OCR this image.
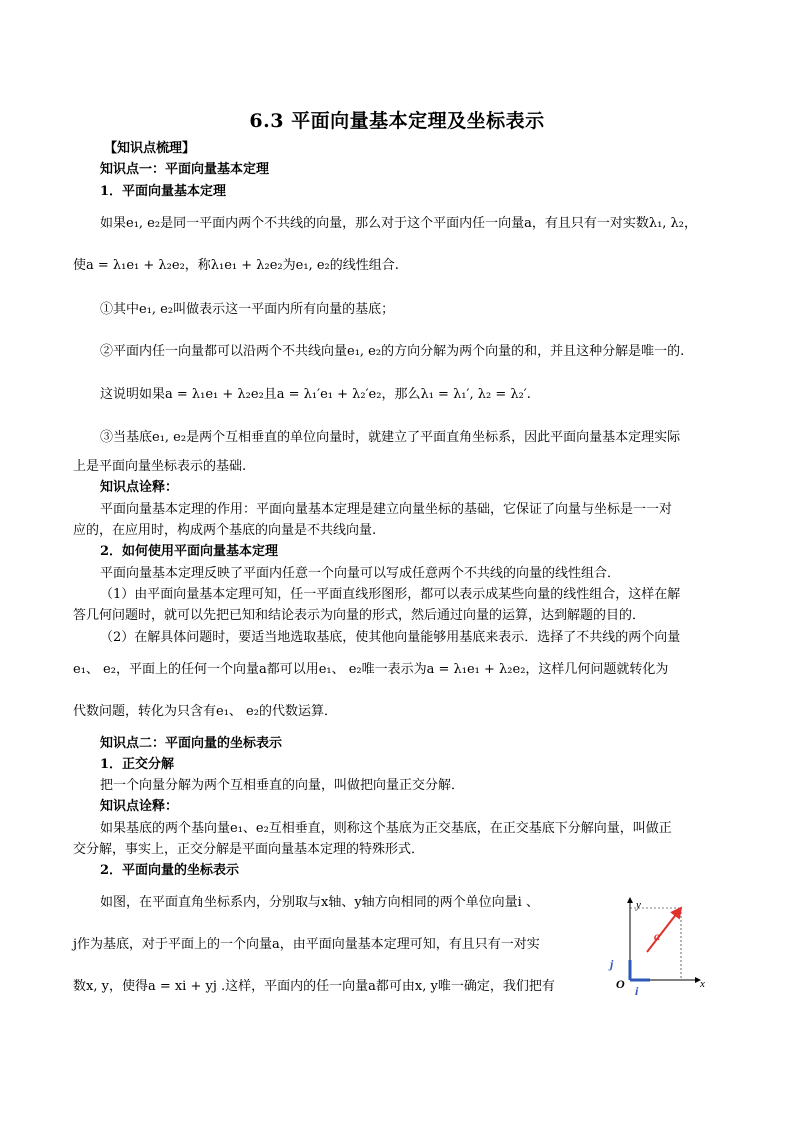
6.3 平面向量基本定理及坐标表示
【知识点梳理】
知识点一：平面向量基本定理
1．平面向量基本定理
如果e₁, e₂是同一平面内两个不共线的向量，那么对于这个平面内任一向量a，有且只有一对实数λ₁, λ₂，
使a = λ₁e₁ + λ₂e₂，称λ₁e₁ + λ₂e₂为e₁, e₂的线性组合.
①其中e₁, e₂叫做表示这一平面内所有向量的基底；
②平面内任一向量都可以沿两个不共线向量e₁, e₂的方向分解为两个向量的和，并且这种分解是唯一的.
这说明如果a = λ₁e₁ + λ₂e₂且a = λ₁′e₁ + λ₂′e₂，那么λ₁ = λ₁′, λ₂ = λ₂′.
③当基底e₁, e₂是两个互相垂直的单位向量时，就建立了平面直角坐标系，因此平面向量基本定理实际
上是平面向量坐标表示的基础.
知识点诠释：
平面向量基本定理的作用：平面向量基本定理是建立向量坐标的基础，它保证了向量与坐标是一一对
应的，在应用时，构成两个基底的向量是不共线向量.
2．如何使用平面向量基本定理
平面向量基本定理反映了平面内任意一个向量可以写成任意两个不共线的向量的线性组合．
（1）由平面向量基本定理可知，任一平面直线形图形，都可以表示成某些向量的线性组合，这样在解
答几何问题时，就可以先把已知和结论表示为向量的形式，然后通过向量的运算，达到解题的目的．
（2）在解具体问题时，要适当地选取基底，使其他向量能够用基底来表示．选择了不共线的两个向量
e₁、 e₂，平面上的任何一个向量a都可以用e₁、 e₂唯一表示为a = λ₁e₁ + λ₂e₂，这样几何问题就转化为
代数问题，转化为只含有e₁、 e₂的代数运算．
知识点二：平面向量的坐标表示
1．正交分解
把一个向量分解为两个互相垂直的向量，叫做把向量正交分解．
知识点诠释：
如果基底的两个基向量e₁、e₂互相垂直，则称这个基底为正交基底，在正交基底下分解向量，叫做正
交分解，事实上，正交分解是平面向量基本定理的特殊形式．
2．平面向量的坐标表示
如图，在平面直角坐标系内，分别取与x轴、y轴方向相同的两个单位向量i 、
j作为基底，对于平面上的一个向量a，由平面向量基本定理可知，有且只有一对实
数x, y，使得a = xi + yj .这样，平面内的任一向量a都可由x, y唯一确定，我们把有
y
x
O
a
i
j
